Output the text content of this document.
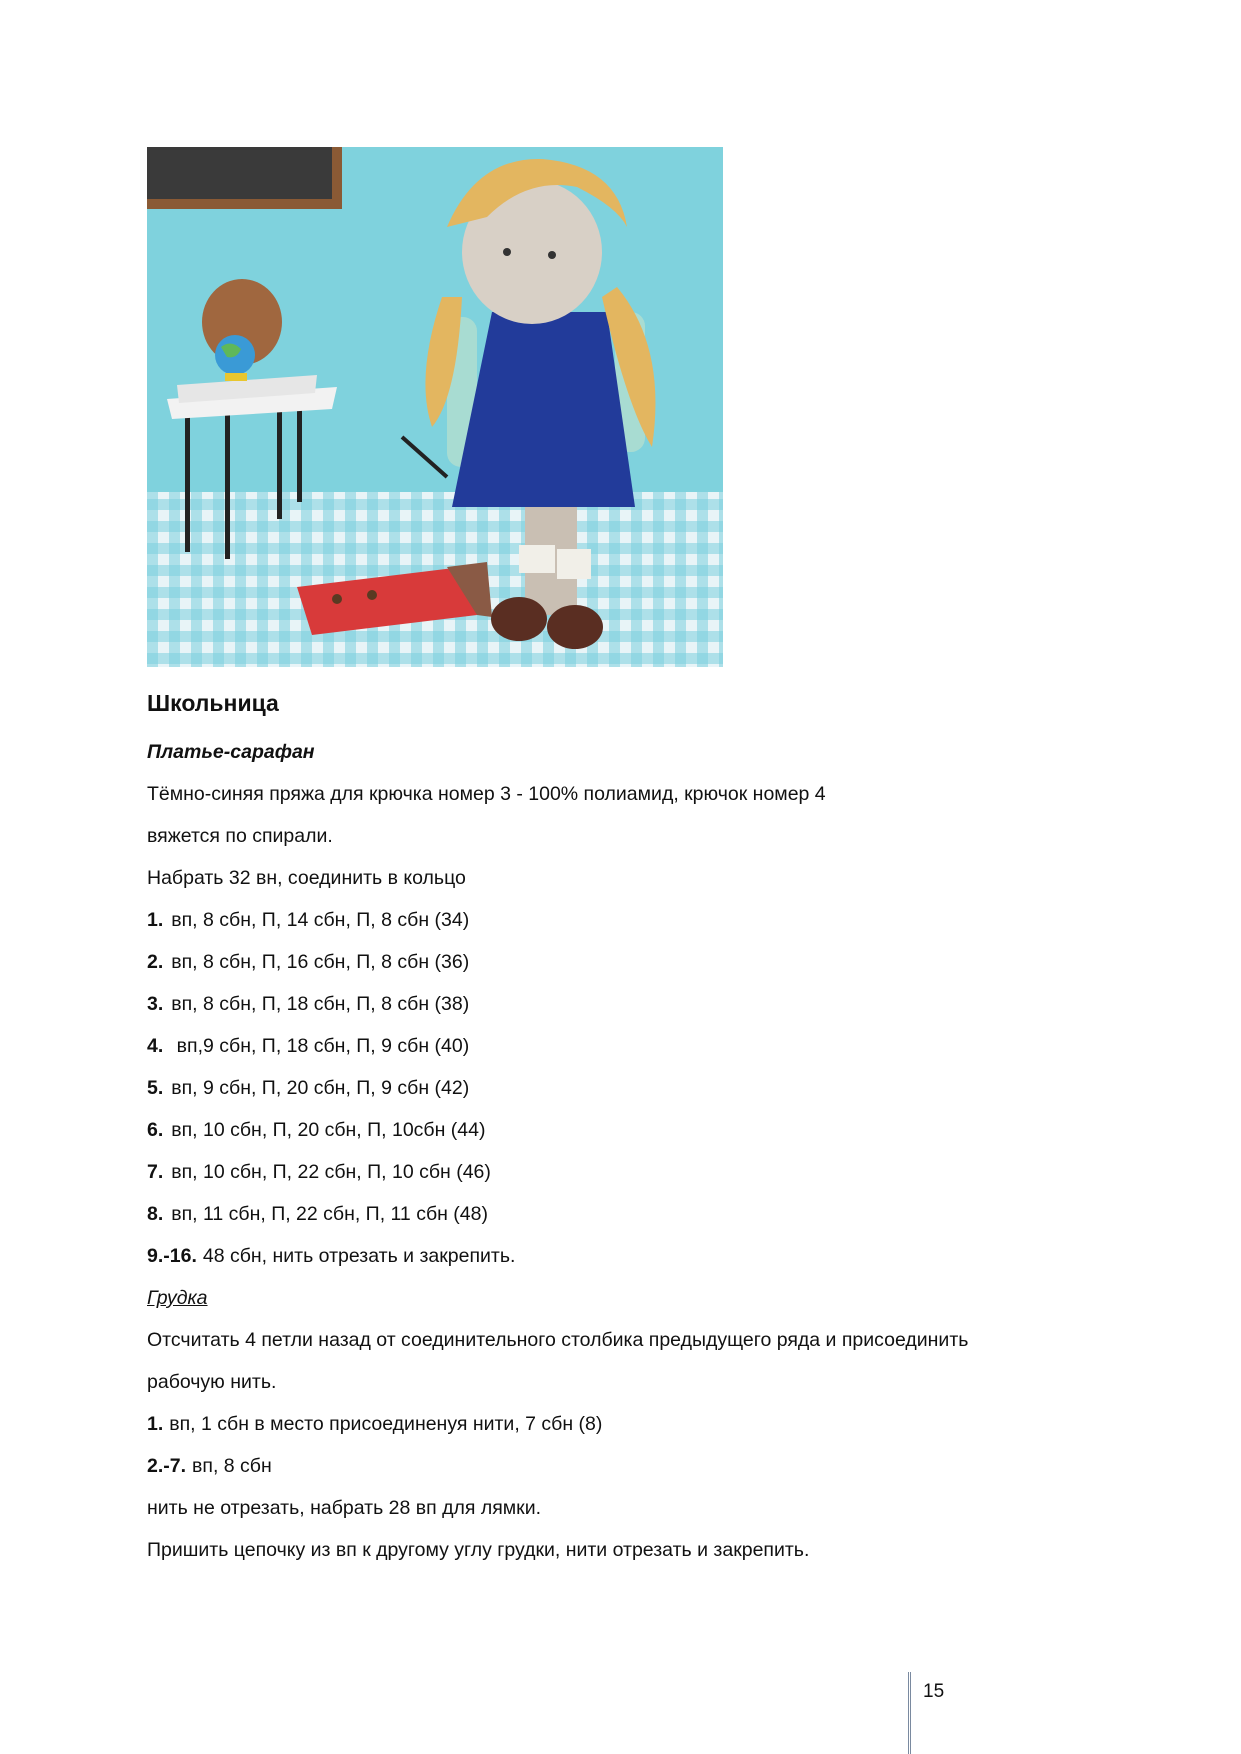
Школьница
Платье-сарафан
Тёмно-синяя пряжа для крючка номер 3 - 100% полиамид, крючок номер 4
вяжется по спирали.
Набрать 32 вн, соединить в кольцо
1. вп, 8 сбн, П, 14 сбн, П, 8 сбн (34)
2. вп, 8 сбн, П, 16 сбн, П, 8 сбн (36)
3. вп, 8 сбн, П, 18 сбн, П, 8 сбн (38)
4. вп,9 сбн, П, 18 сбн, П, 9 сбн (40)
5. вп, 9 сбн, П, 20 сбн, П, 9 сбн (42)
6. вп, 10 сбн, П, 20 сбн, П, 10сбн (44)
7. вп, 10 сбн, П, 22 сбн, П, 10 сбн (46)
8. вп, 11 сбн, П, 22 сбн, П, 11 сбн (48)
9.-16. 48 сбн, нить отрезать и закрепить.
Грудка
Отсчитать 4 петли назад от соединительного столбика предыдущего ряда и присоединить
рабочую нить.
1. вп, 1 сбн в место присоединенуя нити, 7 сбн (8)
2.-7. вп, 8 сбн
нить не отрезать, набрать 28 вп для лямки.
Пришить цепочку из вп к другому углу грудки, нити отрезать и закрепить.
15
